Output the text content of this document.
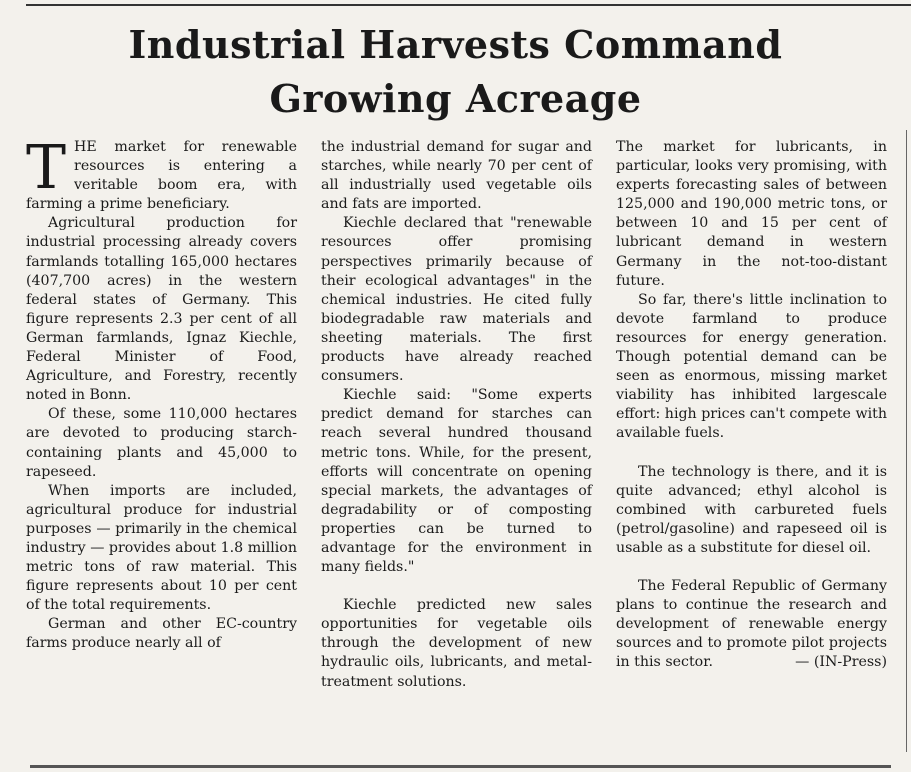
Industrial Harvests Command
Growing Acreage

THE market for renewable resources is entering a veritable boom era, with farming a prime beneficiary.

Agricultural production for industrial processing already covers farmlands totalling 165,000 hectares (407,700 acres) in the western federal states of Germany. This figure represents 2.3 per cent of all German farmlands, Ignaz Kiechle, Federal Minister of Food, Agriculture, and Forestry, recently noted in Bonn.

Of these, some 110,000 hectares are devoted to producing starch-containing plants and 45,000 to rapeseed.

When imports are included, agricultural produce for industrial purposes — primarily in the chemical industry — provides about 1.8 million metric tons of raw material. This figure represents about 10 per cent of the total requirements.

German and other EC-country farms produce nearly all of

the industrial demand for sugar and starches, while nearly 70 per cent of all industrially used vegetable oils and fats are imported.

Kiechle declared that "renewable resources offer promising perspectives primarily because of their ecological advantages" in the chemical industries. He cited fully biodegradable raw materials and sheeting materials. The first products have already reached consumers.

Kiechle said: "Some experts predict demand for starches can reach several hundred thousand metric tons. While, for the present, efforts will concentrate on opening special markets, the advantages of degradability or of composting properties can be turned to advantage for the environment in many fields."

Kiechle predicted new sales opportunities for vegetable oils through the development of new hydraulic oils, lubricants, and metal-treatment solutions.

The market for lubricants, in particular, looks very promising, with experts forecasting sales of between 125,000 and 190,000 metric tons, or between 10 and 15 per cent of lubricant demand in western Germany in the not-too-distant future.

So far, there's little inclination to devote farmland to produce resources for energy generation. Though potential demand can be seen as enormous, missing market viability has inhibited largescale effort: high prices can't compete with available fuels.

The technology is there, and it is quite advanced; ethyl alcohol is combined with carbureted fuels (petrol/gasoline) and rapeseed oil is usable as a substitute for diesel oil.

The Federal Republic of Germany plans to continue the research and development of renewable energy sources and to promote pilot projects in this sector.	— (IN-Press)
